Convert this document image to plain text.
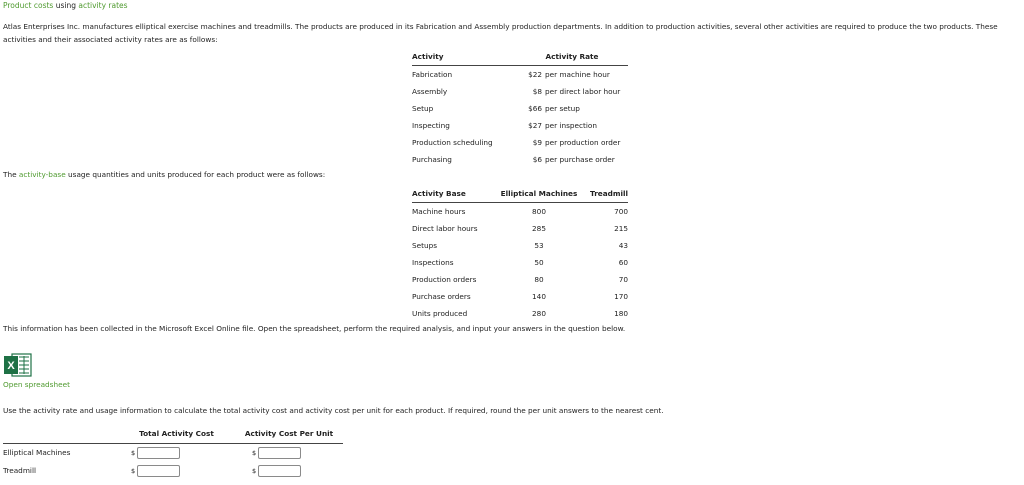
Product costs using activity rates
Atlas Enterprises Inc. manufactures elliptical exercise machines and treadmills. The products are produced in its Fabrication and Assembly production departments. In addition to production activities, several other activities are required to produce the two products. These activities and their associated activity rates are as follows:
Activity	Activity Rate	
Fabrication	$22	per machine hour
Assembly	$8	per direct labor hour
Setup	$66	per setup
Inspecting	$27	per inspection
Production scheduling	$9	per production order
Purchasing	$6	per purchase order
The activity-base usage quantities and units produced for each product were as follows:
Activity Base	Elliptical Machines	Treadmill
Machine hours	800	700
Direct labor hours	285	215
Setups	53	43
Inspections	50	60
Production orders	80	70
Purchase orders	140	170
Units produced	280	180
This information has been collected in the Microsoft Excel Online file. Open the spreadsheet, perform the required analysis, and input your answers in the question below.
X
Open spreadsheet
Use the activity rate and usage information to calculate the total activity cost and activity cost per unit for each product. If required, round the per unit answers to the nearest cent.
	Total Activity Cost	Activity Cost Per Unit
Elliptical Machines	$	$
Treadmill	$	$
